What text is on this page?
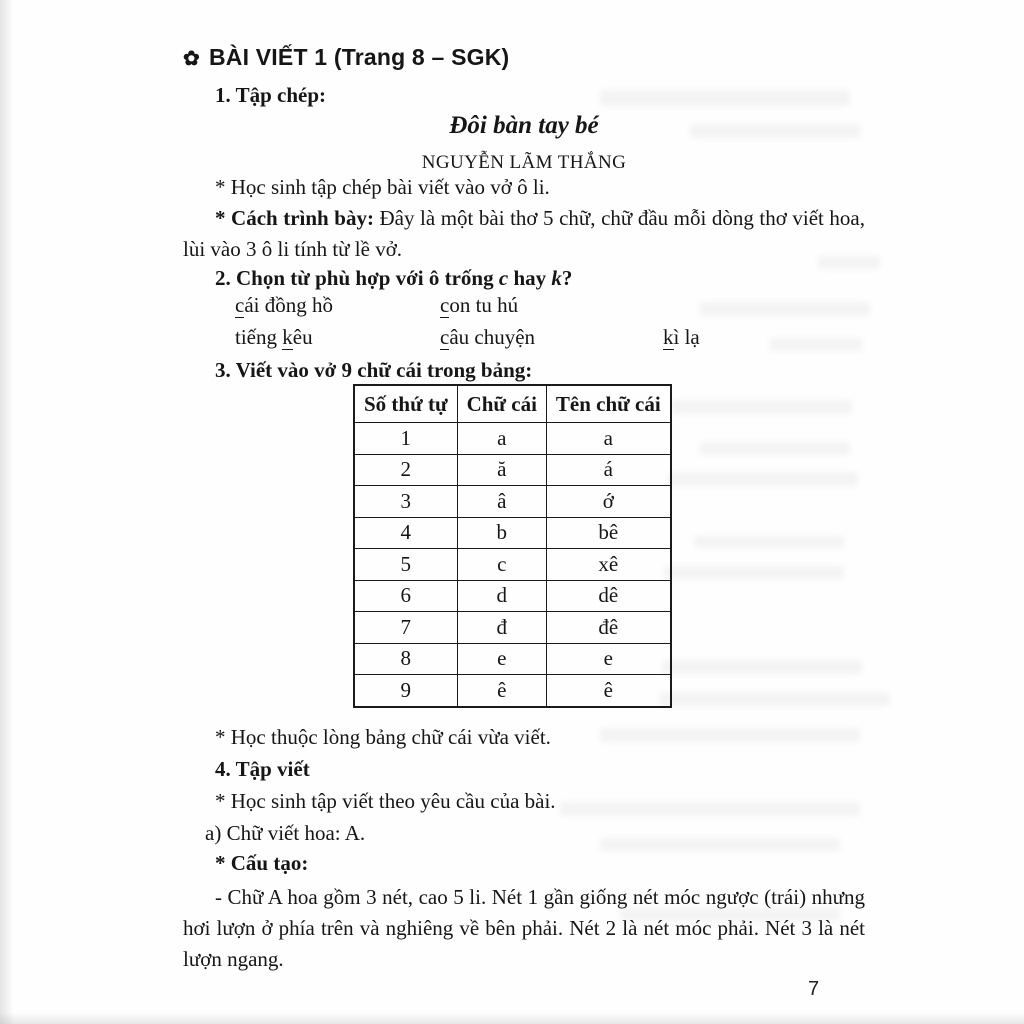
✿ BÀI VIẾT 1 (Trang 8 – SGK)
1. Tập chép:
Đôi bàn tay bé
NGUYỄN LÃM THẮNG
* Học sinh tập chép bài viết vào vở ô li.
* Cách trình bày: Đây là một bài thơ 5 chữ, chữ đầu mỗi dòng thơ viết hoa, lùi vào 3 ô li tính từ lề vở.
2. Chọn từ phù hợp với ô trống c hay k?
cái đồng hồ	con tu hú
tiếng kêu	câu chuyện	kì lạ
3. Viết vào vở 9 chữ cái trong bảng:
Số thứ tự	Chữ cái	Tên chữ cái
1	a	a
2	ă	á
3	â	ớ
4	b	bê
5	c	xê
6	d	dê
7	đ	đê
8	e	e
9	ê	ê
* Học thuộc lòng bảng chữ cái vừa viết.
4. Tập viết
* Học sinh tập viết theo yêu cầu của bài.
a) Chữ viết hoa: A.
* Cấu tạo:
- Chữ A hoa gồm 3 nét, cao 5 li. Nét 1 gần giống nét móc ngược (trái) nhưng hơi lượn ở phía trên và nghiêng về bên phải. Nét 2 là nét móc phải. Nét 3 là nét lượn ngang.
7
